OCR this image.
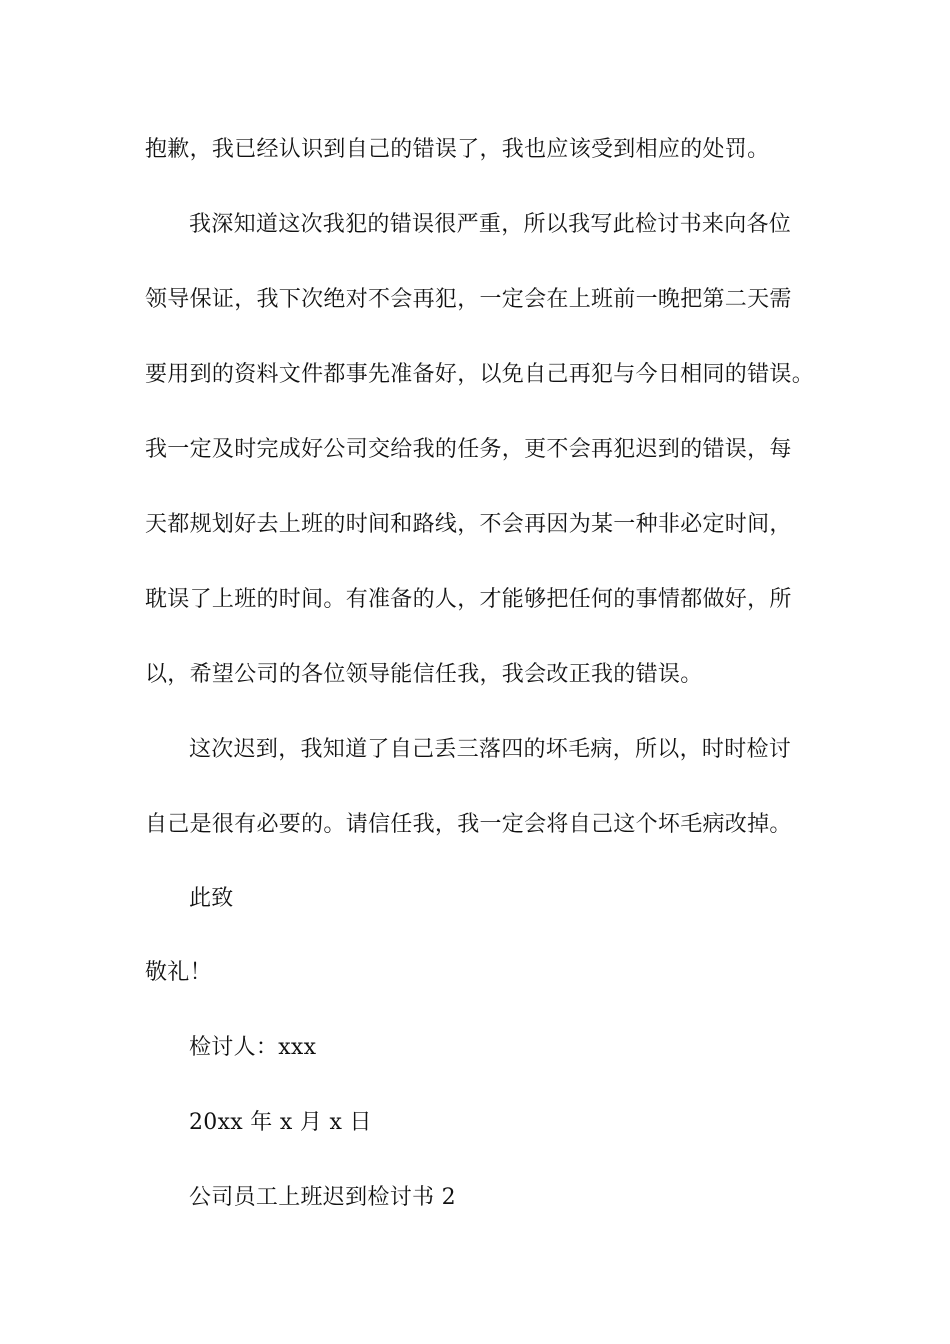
抱歉，我已经认识到自己的错误了，我也应该受到相应的处罚。
我深知道这次我犯的错误很严重，所以我写此检讨书来向各位
领导保证，我下次绝对不会再犯，一定会在上班前一晚把第二天需
要用到的资料文件都事先准备好，以免自己再犯与今日相同的错误。
我一定及时完成好公司交给我的任务，更不会再犯迟到的错误，每
天都规划好去上班的时间和路线，不会再因为某一种非必定时间，
耽误了上班的时间。有准备的人，才能够把任何的事情都做好，所
以，希望公司的各位领导能信任我，我会改正我的错误。
这次迟到，我知道了自己丢三落四的坏毛病，所以，时时检讨
自己是很有必要的。请信任我，我一定会将自己这个坏毛病改掉。
此致
敬礼！
检讨人：xxx
20xx 年 x 月 x 日
公司员工上班迟到检讨书 2
